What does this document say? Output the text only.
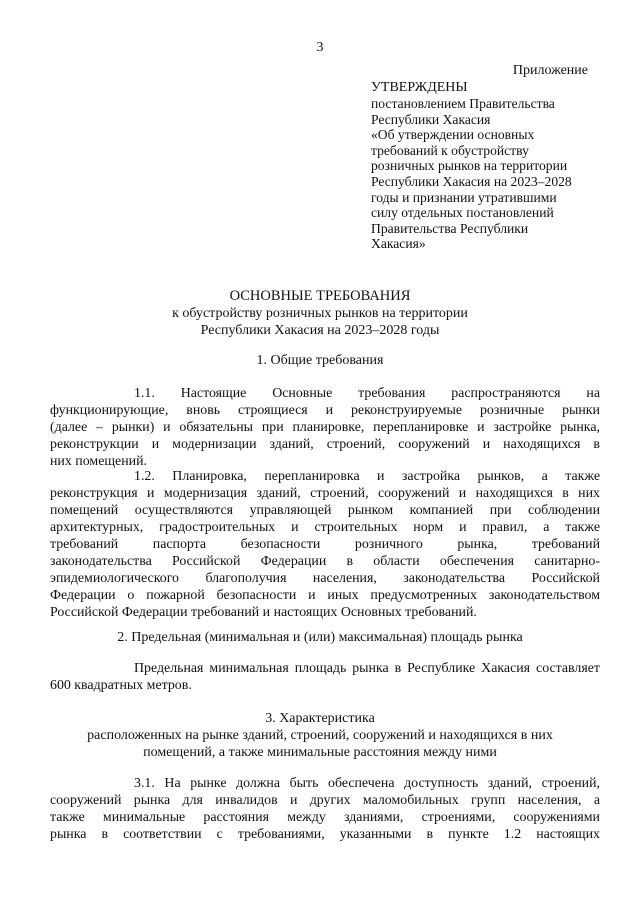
3
Приложение
УТВЕРЖДЕНЫ
постановлением Правительства
Республики Хакасия
«Об утверждении основных
требований к обустройству
розничных рынков на территории
Республики Хакасия на 2023–2028
годы и признании утратившими
силу отдельных постановлений
Правительства Республики
Хакасия»
ОСНОВНЫЕ ТРЕБОВАНИЯ
к обустройству розничных рынков на территории
Республики Хакасия на 2023–2028 годы
1. Общие требования
1.1. Настоящие Основные требования распространяются на
функционирующие, вновь строящиеся и реконструируемые розничные рынки
(далее – рынки) и обязательны при планировке, перепланировке и застройке рынка,
реконструкции и модернизации зданий, строений, сооружений и находящихся в
них помещений.
1.2. Планировка, перепланировка и застройка рынков, а также
реконструкция и модернизация зданий, строений, сооружений и находящихся в них
помещений осуществляются управляющей рынком компанией при соблюдении
архитектурных, градостроительных и строительных норм и правил, а также
требований паспорта безопасности розничного рынка, требований
законодательства Российской Федерации в области обеспечения санитарно-
эпидемиологического благополучия населения, законодательства Российской
Федерации о пожарной безопасности и иных предусмотренных законодательством
Российской Федерации требований и настоящих Основных требований.
2. Предельная (минимальная и (или) максимальная) площадь рынка
Предельная минимальная площадь рынка в Республике Хакасия составляет
600 квадратных метров.
3. Характеристика
расположенных на рынке зданий, строений, сооружений и находящихся в них
помещений, а также минимальные расстояния между ними
3.1. На рынке должна быть обеспечена доступность зданий, строений,
сооружений рынка для инвалидов и других маломобильных групп населения, а
также минимальные расстояния между зданиями, строениями, сооружениями
рынка в соответствии с требованиями, указанными в пункте 1.2 настоящих
